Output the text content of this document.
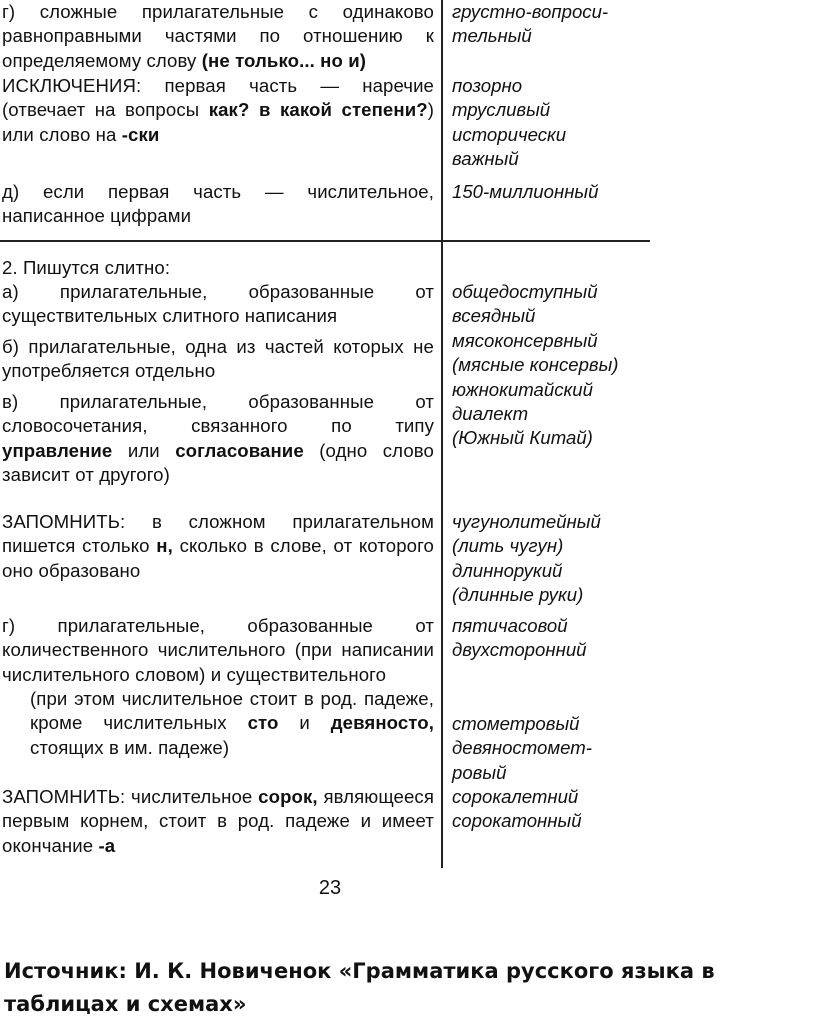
г) сложные прилагательные с одинаково равноправными частями по отношению к определяемому слову (не только... но и)
ИСКЛЮЧЕНИЯ: первая часть — наречие (отвечает на вопросы как? в какой степени?) или слово на -ски
д) если первая часть — числительное, написанное цифрами
2. Пишутся слитно:
а) прилагательные, образованные от существительных слитного написания
б) прилагательные, одна из частей которых не употребляется отдельно
в) прилагательные, образованные от словосочетания, связанного по типу управление или согласование (одно слово зависит от другого)
ЗАПОМНИТЬ: в сложном прилагательном пишется столько н, сколько в слове, от которого оно образовано
г) прилагательные, образованные от количественного числительного (при написании числительного словом) и существительного
(при этом числительное стоит в род. падеже, кроме числительных сто и девяносто, стоящих в им. падеже)
ЗАПОМНИТЬ: числительное сорок, являющееся первым корнем, стоит в род. падеже и имеет окончание -а
грустно-вопроси-
тельный
позорно
трусливый
исторически
важный
150-миллионный
общедоступный
всеядный
мясоконсервный
(мясные консервы)
южнокитайский
диалект
(Южный Китай)
чугунолитейный
(лить чугун)
длиннорукий
(длинные руки)
пятичасовой
двухсторонний
стометровый
девяностомет-
ровый
сорокалетний
сорокатонный
23
Источник: И. К. Новиченок «Грамматика русского языка в таблицах и схемах»
